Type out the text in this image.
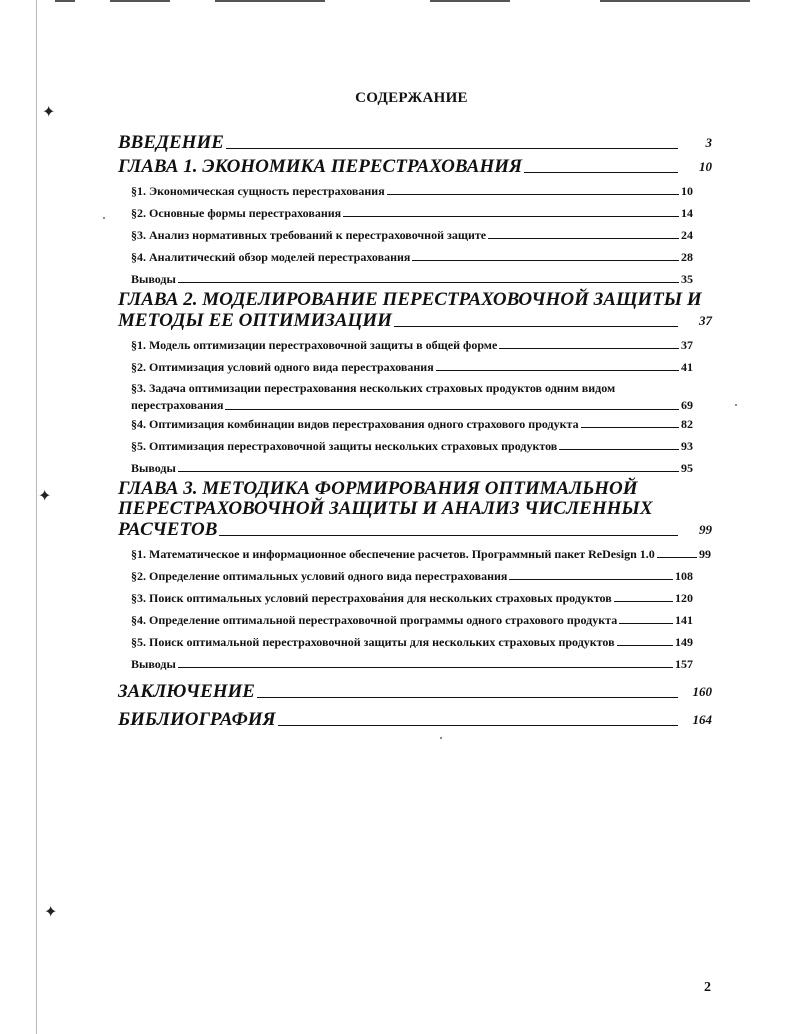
✦
✦
✦
СОДЕРЖАНИЕ
ВВЕДЕНИЕ	3
ГЛАВА 1. ЭКОНОМИКА ПЕРЕСТРАХОВАНИЯ	10
§1. Экономическая сущность перестрахования	10
§2. Основные формы перестрахования	14
§3. Анализ нормативных требований к перестраховочной защите	24
§4. Аналитический обзор моделей перестрахования	28
Выводы	35
ГЛАВА 2. МОДЕЛИРОВАНИЕ ПЕРЕСТРАХОВОЧНОЙ ЗАЩИТЫ И
МЕТОДЫ ЕЕ ОПТИМИЗАЦИИ	37
§1. Модель оптимизации перестраховочной защиты в общей форме	37
§2. Оптимизация условий одного вида перестрахования	41
§3. Задача оптимизации перестрахования нескольких страховых продуктов одним видом
перестрахования	69
§4. Оптимизация комбинации видов перестрахования одного страхового продукта	82
§5. Оптимизация перестраховочной защиты нескольких страховых продуктов	93
Выводы	95
ГЛАВА 3. МЕТОДИКА ФОРМИРОВАНИЯ ОПТИМАЛЬНОЙ
ПЕРЕСТРАХОВОЧНОЙ ЗАЩИТЫ И АНАЛИЗ ЧИСЛЕННЫХ
РАСЧЕТОВ	99
§1. Математическое и информационное обеспечение расчетов. Программный пакет ReDesign 1.0	99
§2. Определение оптимальных условий одного вида перестрахования	108
§3. Поиск оптимальных условий перестрахования для нескольких страховых продуктов	120
§4. Определение оптимальной перестраховочной программы одного страхового продукта	141
§5. Поиск оптимальной перестраховочной защиты для нескольких страховых продуктов	149
Выводы	157
ЗАКЛЮЧЕНИЕ	160
БИБЛИОГРАФИЯ	164
2
